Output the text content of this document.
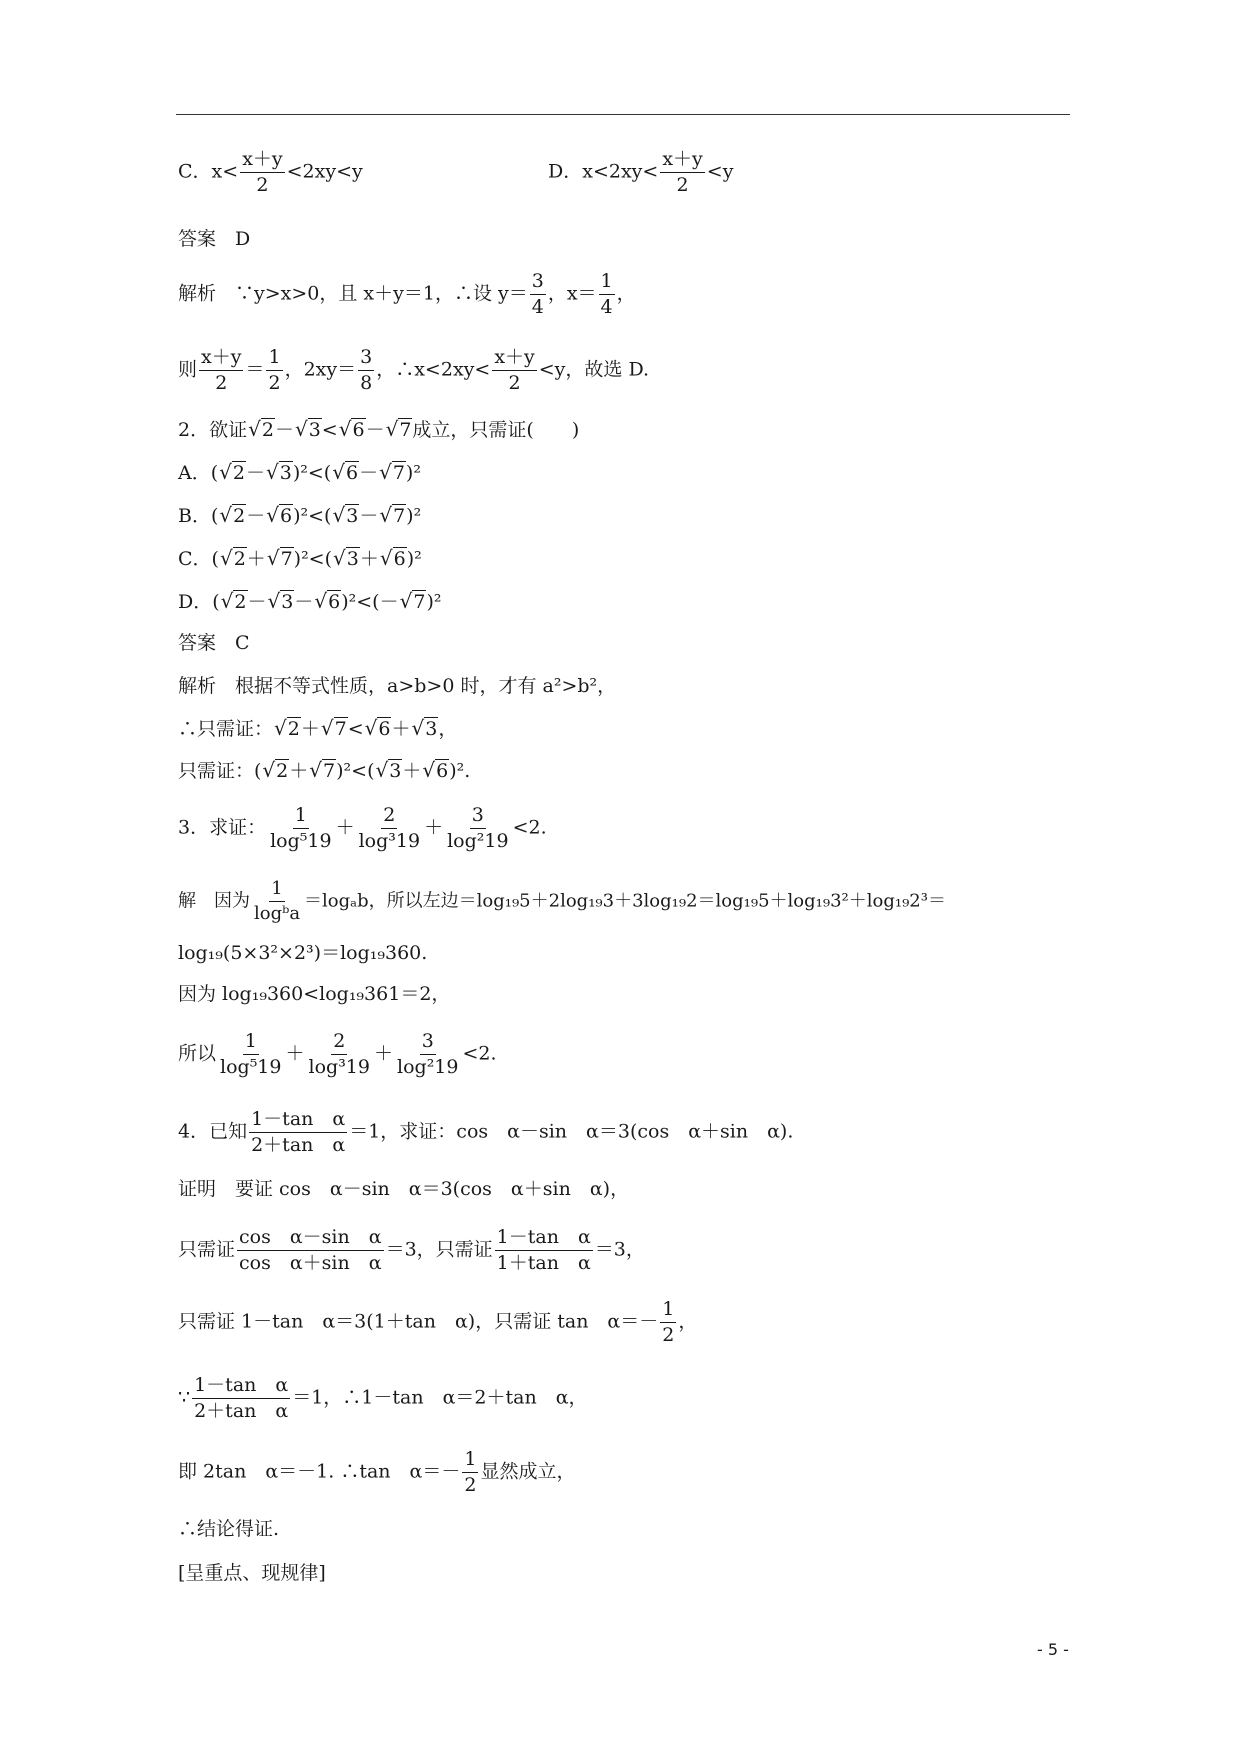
C．$x< \frac{x+y}{2} <2xy<y$	D．$x<2xy< \frac{x+y}{2} <y$
答案　D
解析　∵y>x>0，且 x＋y＝1，∴设 $y= \frac{3}{4}$ ，$x= \frac{1}{4}$ ，
则 $\frac{x+y}{2} = \frac{1}{2}$ ，$2xy= \frac{3}{8}$ ，∴x<2xy< $\frac{x+y}{2} <y$，故选 D.
2．欲证√2－√3<√6－√7成立，只需证(　　)
A．(√2－√3)²<(√6－√7)²
B．(√2－√6)²<(√3－√7)²
C．(√2＋√7)²<(√3＋√6)²
D．(√2－√3－√6)²<(－√7)²
答案　C
解析　根据不等式性质，a>b>0 时，才有 a²>b²，
∴只需证：√2＋√7<√6＋√3，
只需证：(√2＋√7)²<(√3＋√6)².
3．求证： $\frac{1}{\text{log⁵19}} + \frac{2}{\text{log³19}} + \frac{3}{\text{log²19}} <2$.
解　因为 $\frac{1}{\text{logᵇa}} =\log_ab$，所以左边＝log₁₉5＋2log₁₉3＋3log₁₉2＝log₁₉5＋log₁₉3²＋log₁₉2³＝
log₁₉(5×3²×2³)＝log₁₉360.
因为 log₁₉360<log₁₉361＝2，
所以 $\frac{1}{\text{log⁵19}} + \frac{2}{\text{log³19}} + \frac{3}{\text{log²19}} <2$.
4．已知 $\frac{\text{1－tan　α}}{\text{2＋tan　α}} =1$，求证：cos　α－sin　α＝3(cos　α＋sin　α).
证明　要证 cos　α－sin　α＝3(cos　α＋sin　α)，
只需证 $\frac{\text{cos　α－sin　α}}{\text{cos　α＋sin　α}} =3$，只需证 $\frac{\text{1－tan　α}}{\text{1＋tan　α}} =3$，
只需证 1－tan　α＝3(1＋tan　α)，只需证 tan　$\alpha=- \frac{1}{2}$ ，
∵ $\frac{\text{1－tan　α}}{\text{2＋tan　α}} =1$，∴1－tan　α＝2＋tan　α，
即 2tan　α＝－1. ∴tan　$\alpha=- \frac{1}{2}$ 显然成立，
∴结论得证.
[呈重点、现规律]
- 5 -
